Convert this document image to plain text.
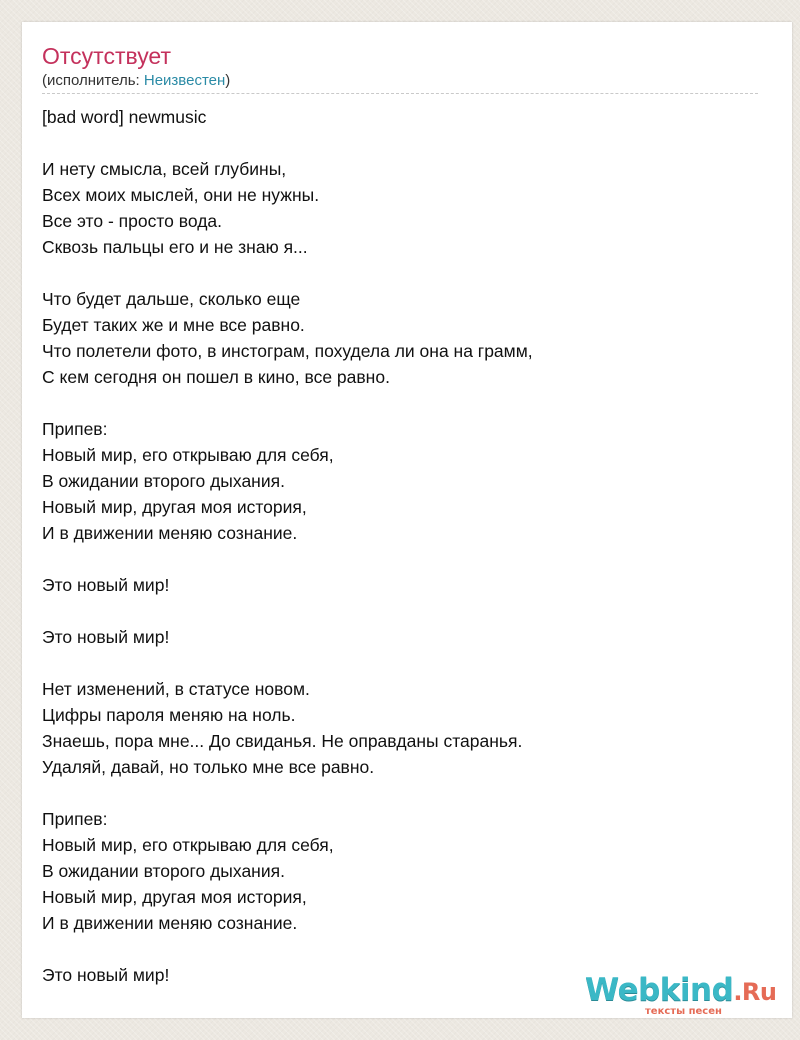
Отсутствует
(исполнитель: Неизвестен)
[bad word] newmusic
И нету смысла, всей глубины,
Всех моих мыслей, они не нужны.
Все это - просто вода.
Сквозь пальцы его и не знаю я...
Что будет дальше, сколько еще
Будет таких же и мне все равно.
Что полетели фото, в инстограм, похудела ли она на грамм,
С кем сегодня он пошел в кино, все равно.
Припев:
Новый мир, его открываю для себя,
В ожидании второго дыхания.
Новый мир, другая моя история,
И в движении меняю сознание.
Это новый мир!
Это новый мир!
Нет изменений, в статусе новом.
Цифры пароля меняю на ноль.
Знаешь, пора мне... До свиданья. Не оправданы старанья.
Удаляй, давай, но только мне все равно.
Припев:
Новый мир, его открываю для себя,
В ожидании второго дыхания.
Новый мир, другая моя история,
И в движении меняю сознание.
Это новый мир!	Webkind.Ru
тексты песен
